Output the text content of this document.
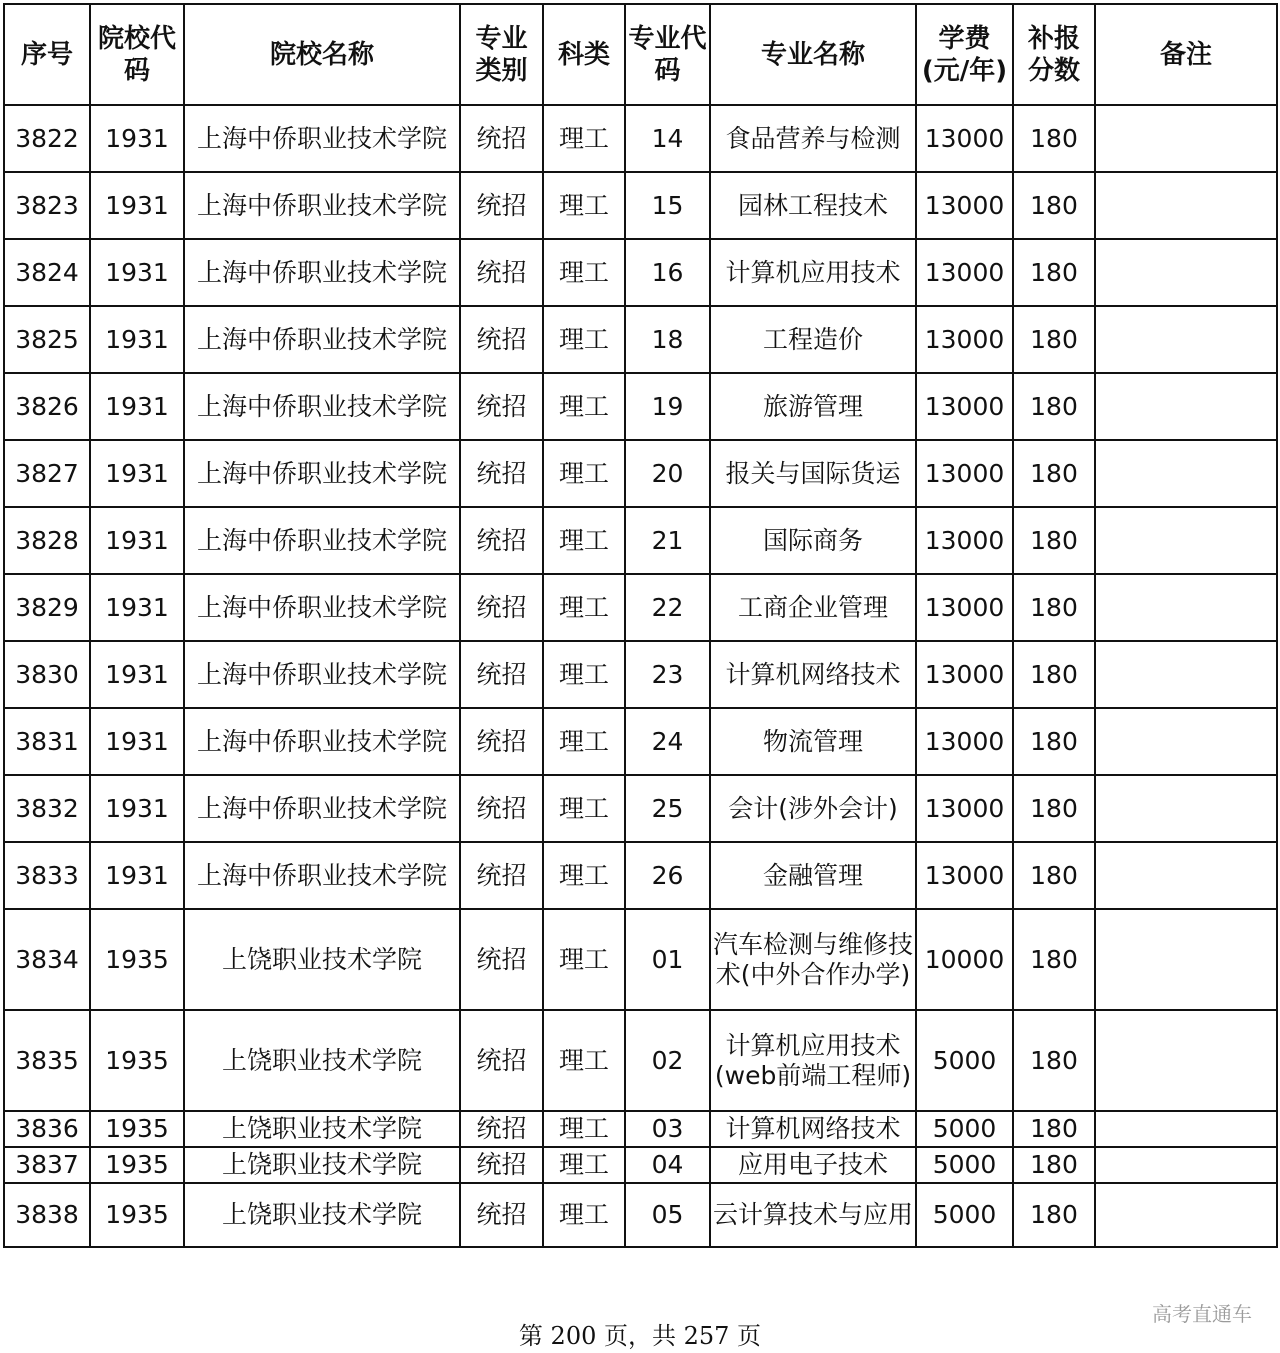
序号	院校代码	院校名称	专业类别	科类	专业代码	专业名称	学费(元/年)	补报分数	备注
3822	1931	上海中侨职业技术学院	统招	理工	14	食品营养与检测	13000	180	
3823	1931	上海中侨职业技术学院	统招	理工	15	园林工程技术	13000	180	
3824	1931	上海中侨职业技术学院	统招	理工	16	计算机应用技术	13000	180	
3825	1931	上海中侨职业技术学院	统招	理工	18	工程造价	13000	180	
3826	1931	上海中侨职业技术学院	统招	理工	19	旅游管理	13000	180	
3827	1931	上海中侨职业技术学院	统招	理工	20	报关与国际货运	13000	180	
3828	1931	上海中侨职业技术学院	统招	理工	21	国际商务	13000	180	
3829	1931	上海中侨职业技术学院	统招	理工	22	工商企业管理	13000	180	
3830	1931	上海中侨职业技术学院	统招	理工	23	计算机网络技术	13000	180	
3831	1931	上海中侨职业技术学院	统招	理工	24	物流管理	13000	180	
3832	1931	上海中侨职业技术学院	统招	理工	25	会计(涉外会计)	13000	180	
3833	1931	上海中侨职业技术学院	统招	理工	26	金融管理	13000	180	
3834	1935	上饶职业技术学院	统招	理工	01	汽车检测与维修技术(中外合作办学)	10000	180	
3835	1935	上饶职业技术学院	统招	理工	02	计算机应用技术(web前端工程师)	5000	180	
3836	1935	上饶职业技术学院	统招	理工	03	计算机网络技术	5000	180	
3837	1935	上饶职业技术学院	统招	理工	04	应用电子技术	5000	180	
3838	1935	上饶职业技术学院	统招	理工	05	云计算技术与应用	5000	180	
第 200 页，共 257 页
高考直通车
